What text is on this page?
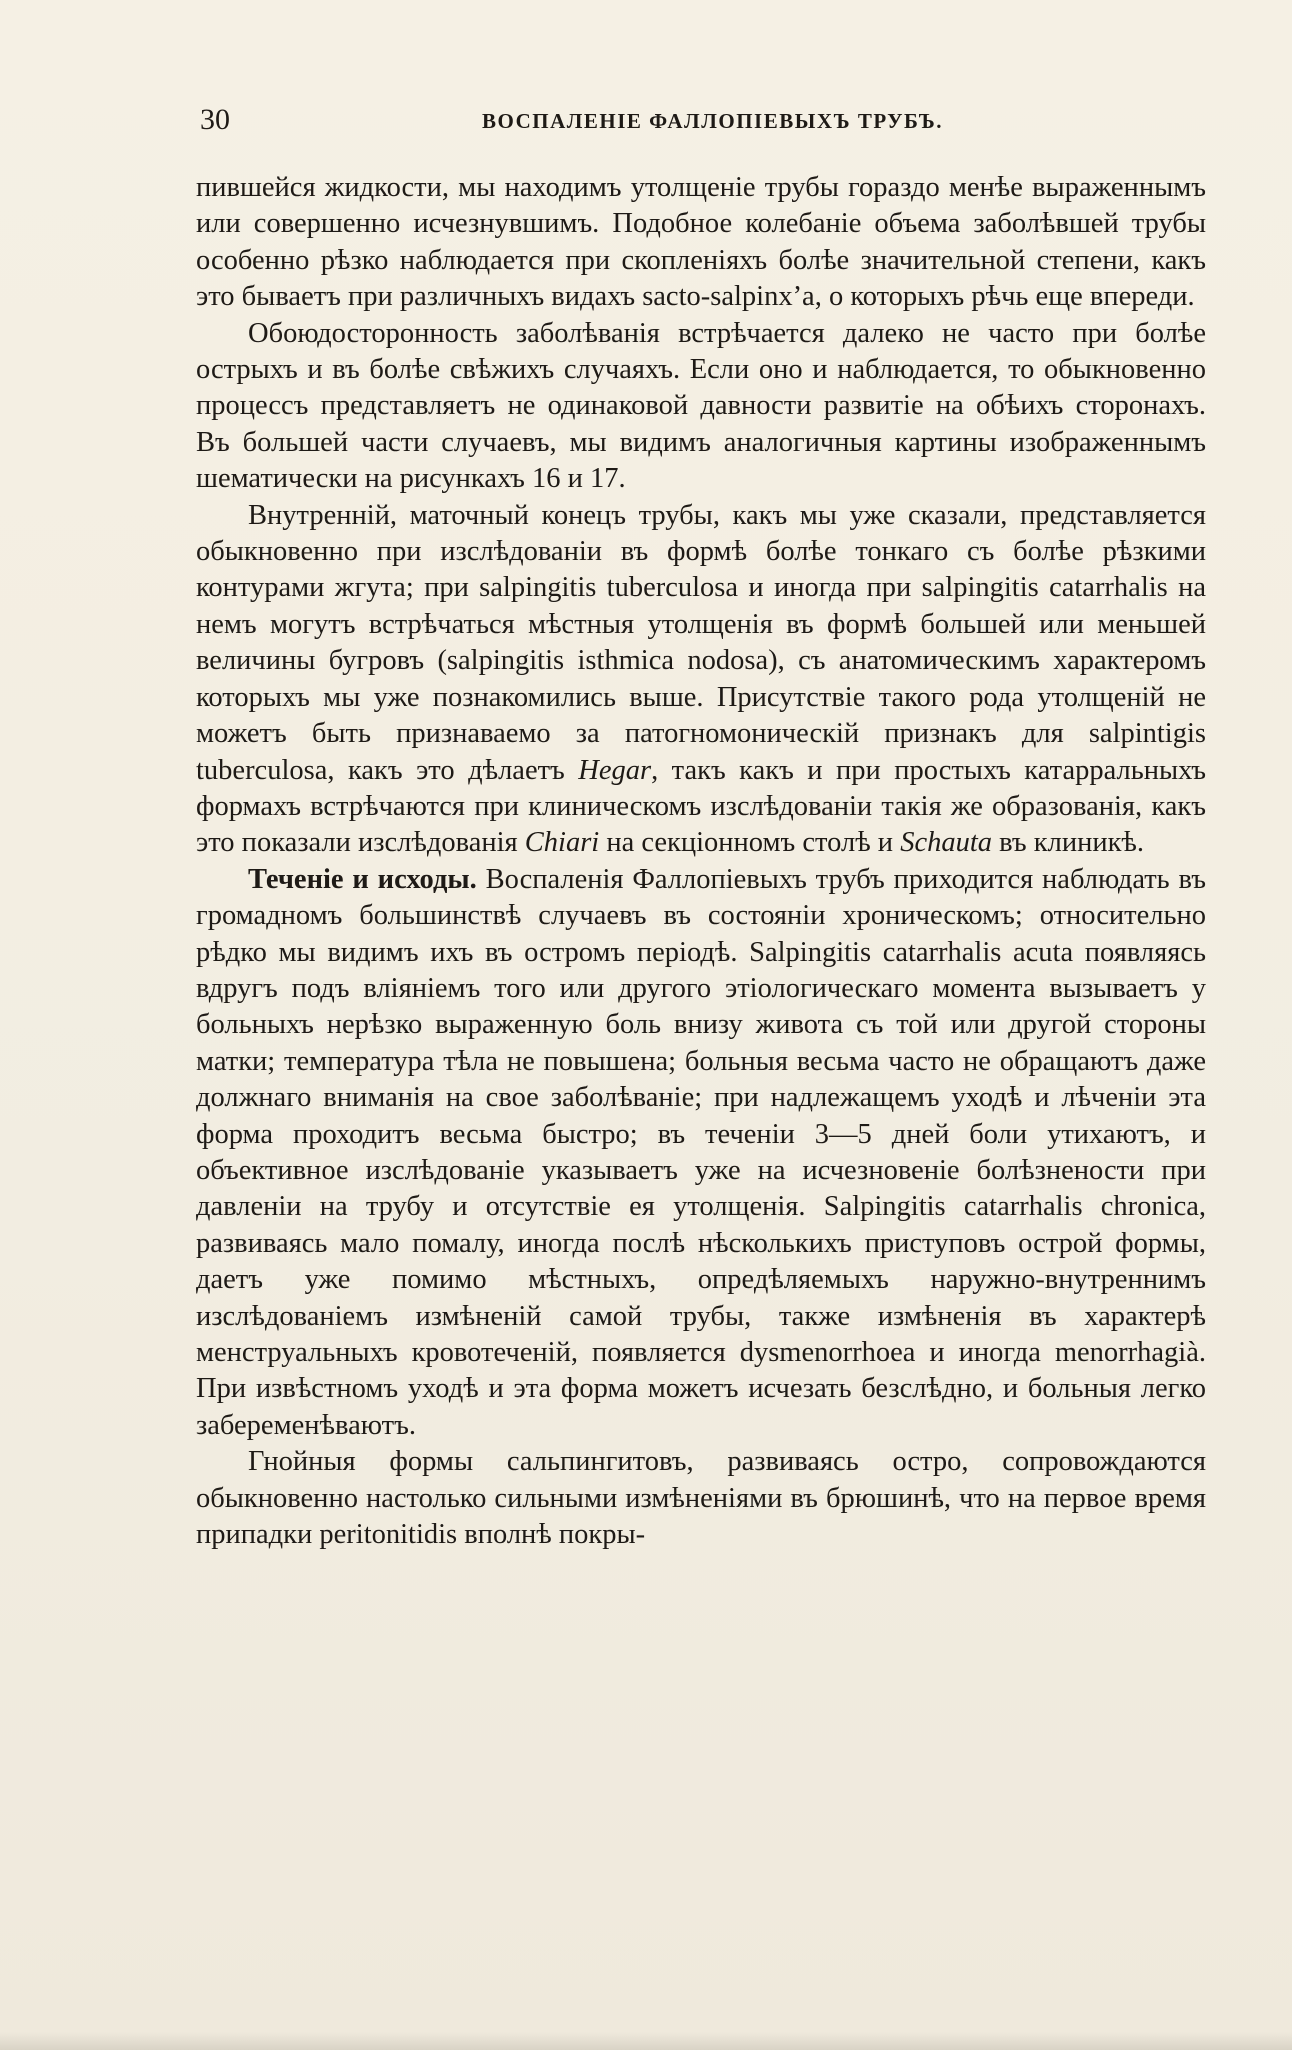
30	ВОСПАЛЕНІЕ ФАЛЛОПІЕВЫХЪ ТРУБЪ.

пившейся жидкости, мы находимъ утолщеніе трубы гораздо менѣе выраженнымъ или совершенно исчезнувшимъ. Подобное колебаніе объема заболѣвшей трубы особенно рѣзко наблюдается при скопленіяхъ болѣе значительной степени, какъ это бываетъ при различныхъ видахъ sacto-salpinx’а, о которыхъ рѣчь еще впереди.

Обоюдосторонность заболѣванія встрѣчается далеко не часто при болѣе острыхъ и въ болѣе свѣжихъ случаяхъ. Если оно и наблюдается, то обыкновенно процессъ представляетъ не одинаковой давности развитіе на обѣихъ сторонахъ. Въ большей части случаевъ, мы видимъ аналогичныя картины изображеннымъ шематически на рисункахъ 16 и 17.

Внутренній, маточный конецъ трубы, какъ мы уже сказали, представляется обыкновенно при изслѣдованіи въ формѣ болѣе тонкаго съ болѣе рѣзкими контурами жгута; при salpingitis tuberculosa и иногда при salpingitis catarrhalis на немъ могутъ встрѣчаться мѣстныя утолщенія въ формѣ большей или меньшей величины бугровъ (salpingitis isthmica nodosa), съ анатомическимъ характеромъ которыхъ мы уже познакомились выше. Присутствіе такого рода утолщеній не можетъ быть признаваемо за патогномоническій признакъ для salpintigis tuberculosa, какъ это дѣлаетъ Hegar, такъ какъ и при простыхъ катарральныхъ формахъ встрѣчаются при клиническомъ изслѣдованіи такія же образованія, какъ это показали изслѣдованія Chiari на секціонномъ столѣ и Schauta въ клиникѣ.

Теченіе и исходы. Воспаленія Фаллопіевыхъ трубъ приходится наблюдать въ громадномъ большинствѣ случаевъ въ состояніи хроническомъ; относительно рѣдко мы видимъ ихъ въ остромъ періодѣ. Salpingitis catarrhalis acuta появляясь вдругъ подъ вліяніемъ того или другого этіологическаго момента вызываетъ у больныхъ нерѣзко выраженную боль внизу живота съ той или другой стороны матки; температура тѣла не повышена; больныя весьма часто не обращаютъ даже должнаго вниманія на свое заболѣваніе; при надлежащемъ уходѣ и лѣченіи эта форма проходитъ весьма быстро; въ теченіи 3—5 дней боли утихаютъ, и объективное изслѣдованіе указываетъ уже на исчезновеніе болѣзнености при давленіи на трубу и отсутствіе ея утолщенія. Salpingitis catarrhalis chronica, развиваясь мало помалу, иногда послѣ нѣсколькихъ приступовъ острой формы, даетъ уже помимо мѣстныхъ, опредѣляемыхъ наружно-внутреннимъ изслѣдованіемъ измѣненій самой трубы, также измѣненія въ характерѣ менструальныхъ кровотеченій, появляется dysmenorrhoea и иногда menorrhagià. При извѣстномъ уходѣ и эта форма можетъ исчезать безслѣдно, и больныя легко забеременѣваютъ.

Гнойныя формы сальпингитовъ, развиваясь остро, сопровождаются обыкновенно настолько сильными измѣненіями въ брюшинѣ, что на первое время припадки peritonitidis вполнѣ покры-
